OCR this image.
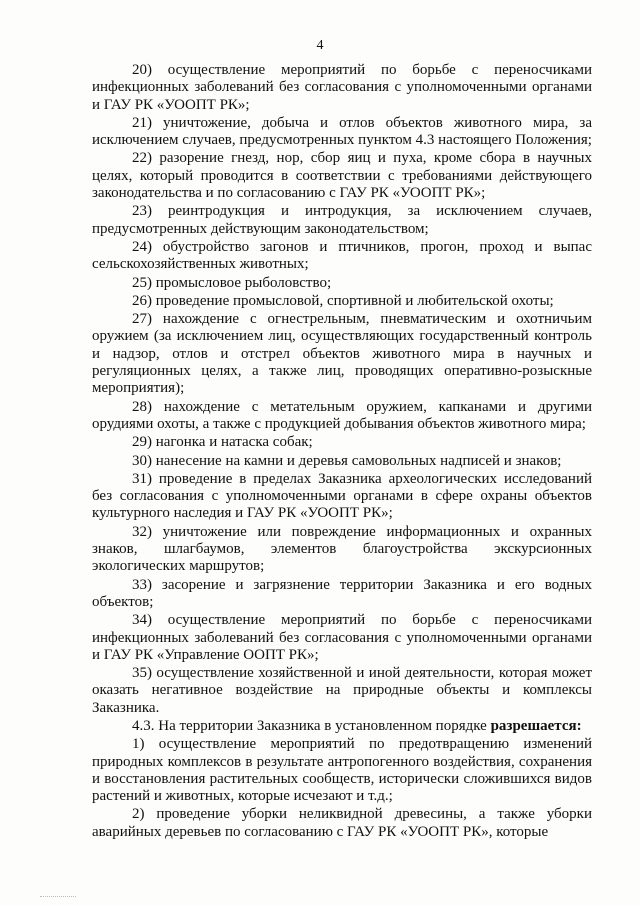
4

20) осуществление мероприятий по борьбе с переносчиками инфекционных заболеваний без согласования с уполномоченными органами и ГАУ РК «УООПТ РК»;

21) уничтожение, добыча и отлов объектов животного мира, за исключением случаев, предусмотренных пунктом 4.3 настоящего Положения;

22) разорение гнезд, нор, сбор яиц и пуха, кроме сбора в научных целях, который проводится в соответствии с требованиями действующего законодательства и по согласованию с ГАУ РК «УООПТ РК»;

23) реинтродукция и интродукция, за исключением случаев, предусмотренных действующим законодательством;

24) обустройство загонов и птичников, прогон, проход и выпас сельскохозяйственных животных;

25) промысловое рыболовство;

26) проведение промысловой, спортивной и любительской охоты;

27) нахождение с огнестрельным, пневматическим и охотничьим оружием (за исключением лиц, осуществляющих государственный контроль и надзор, отлов и отстрел объектов животного мира в научных и регуляционных целях, а также лиц, проводящих оперативно-розыскные мероприятия);

28) нахождение с метательным оружием, капканами и другими орудиями охоты, а также с продукцией добывания объектов животного мира;

29) нагонка и натаска собак;

30) нанесение на камни и деревья самовольных надписей и знаков;

31) проведение в пределах Заказника археологических исследований без согласования с уполномоченными органами в сфере охраны объектов культурного наследия и ГАУ РК «УООПТ РК»;

32) уничтожение или повреждение информационных и охранных знаков, шлагбаумов, элементов благоустройства экскурсионных экологических маршрутов;

33) засорение и загрязнение территории Заказника и его водных объектов;

34) осуществление мероприятий по борьбе с переносчиками инфекционных заболеваний без согласования с уполномоченными органами и ГАУ РК «Управление ООПТ РК»;

35) осуществление хозяйственной и иной деятельности, которая может оказать негативное воздействие на природные объекты и комплексы Заказника.

4.3. На территории Заказника в установленном порядке разрешается:

1) осуществление мероприятий по предотвращению изменений природных комплексов в результате антропогенного воздействия, сохранения и восстановления растительных сообществ, исторически сложившихся видов растений и животных, которые исчезают и т.д.;

2) проведение уборки неликвидной древесины, а также уборки аварийных деревьев по согласованию с ГАУ РК «УООПТ РК», которые
